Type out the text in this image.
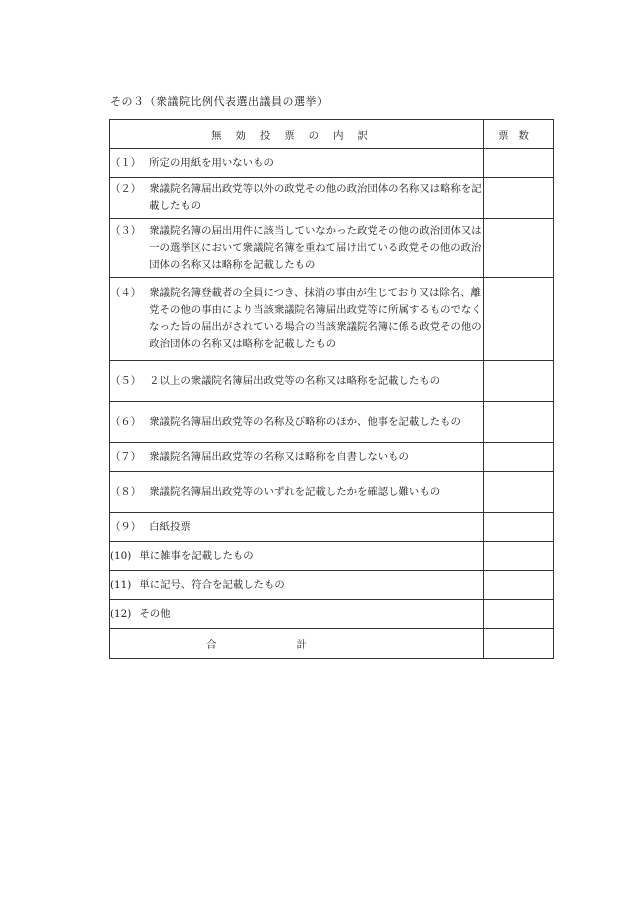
その３（衆議院比例代表選出議員の選挙）
無効投票の内訳	票数

（１） 所定の用紙を用いないもの	

（２） 衆議院名簿届出政党等以外の政党その他の政治団体の名称又は略称を記載したもの	

（３） 衆議院名簿の届出用件に該当していなかった政党その他の政治団体又は一の選挙区において衆議院名簿を重ねて届け出ている政党その他の政治団体の名称又は略称を記載したもの	

（４） 衆議院名簿登載者の全員につき、抹消の事由が生じており又は除名、離党その他の事由により当該衆議院名簿届出政党等に所属するものでなくなった旨の届出がされている場合の当該衆議院名簿に係る政党その他の政治団体の名称又は略称を記載したもの	

（５） ２以上の衆議院名簿届出政党等の名称又は略称を記載したもの	

（６） 衆議院名簿届出政党等の名称及び略称のほか、他事を記載したもの	

（７） 衆議院名簿届出政党等の名称又は略称を自書しないもの	

（８） 衆議院名簿届出政党等のいずれを記載したかを確認し難いもの	

（９） 白紙投票	

(10) 単に雑事を記載したもの	

(11) 単に記号、符合を記載したもの	

(12) その他	

合計	
